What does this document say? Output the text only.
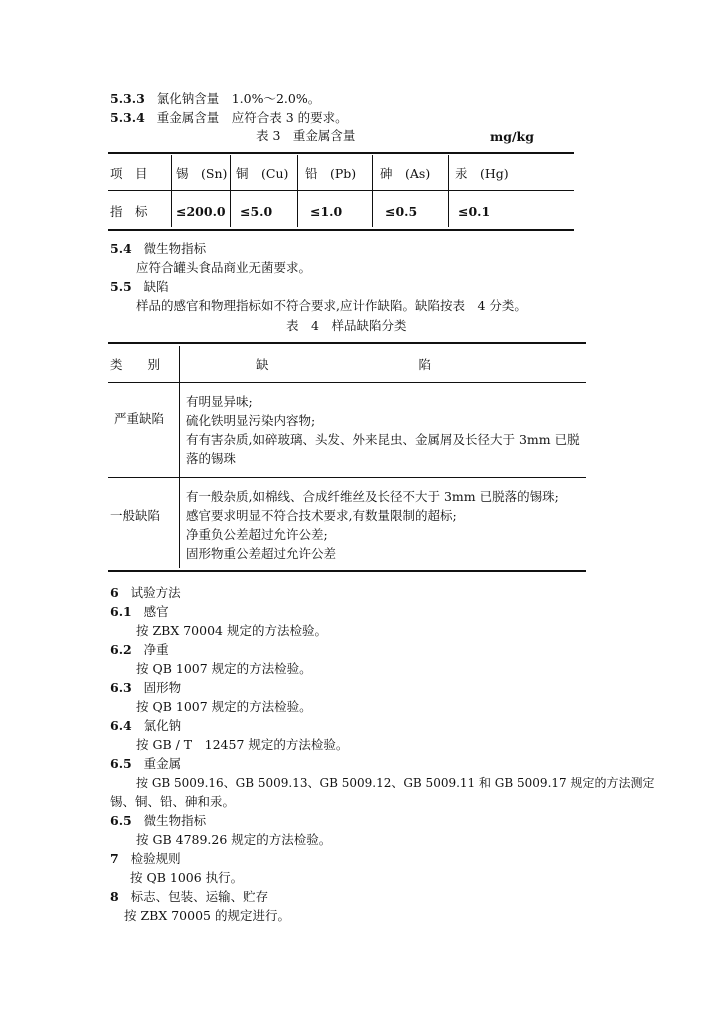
5.3.3 氯化钠含量　1.0%～2.0%。
5.3.4 重金属含量　应符合表 3 的要求。
表 3　重金属含量	mg/kg
项　目 锡　(Sn) 铜　(Cu) 铅　(Pb) 砷　(As) 汞　(Hg)
指　标 ≤200.0 ≤5.0	≤1.0	≤0.5	≤0.1
5.4 微生物指标
应符合罐头食品商业无菌要求。
5.5 缺陷
样品的感官和物理指标如不符合要求,应计作缺陷。缺陷按表　4 分类。
表　4　样品缺陷分类
类　　别	缺　　　　　　　　　　　　陷
严重缺陷
有明显异味;
硫化铁明显污染内容物;
有有害杂质,如碎玻璃、头发、外来昆虫、金属屑及长径大于 3mm 已脱
落的锡珠
一般缺陷
有一般杂质,如棉线、合成纤维丝及长径不大于 3mm 已脱落的锡珠;
感官要求明显不符合技术要求,有数量限制的超标;
净重负公差超过允许公差;
固形物重公差超过允许公差
6 试验方法
6.1 感官
按 ZBX 70004 规定的方法检验。
6.2 净重
按 QB 1007 规定的方法检验。
6.3 固形物
按 QB 1007 规定的方法检验。
6.4 氯化钠
按 GB / T　12457 规定的方法检验。
6.5 重金属
按 GB 5009.16、GB 5009.13、GB 5009.12、GB 5009.11 和 GB 5009.17 规定的方法测定
锡、铜、铅、砷和汞。
6.5 微生物指标
按 GB 4789.26 规定的方法检验。
7 检验规则
按 QB 1006 执行。
8 标志、包装、运输、贮存
按 ZBX 70005 的规定进行。
